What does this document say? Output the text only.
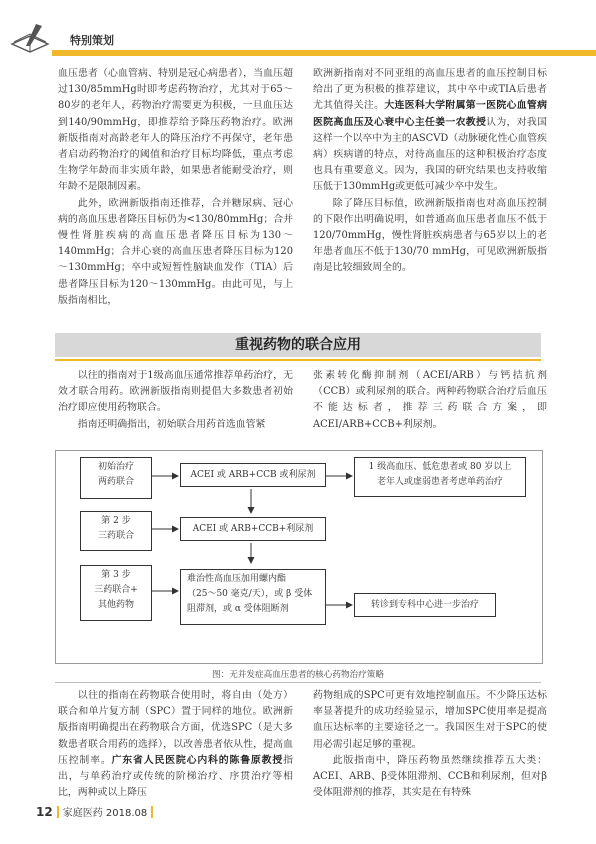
特别策划

血压患者（心血管病、特别是冠心病患者），当血压超过130/85mmHg时即考虑药物治疗，尤其对于65～80岁的老年人，药物治疗需要更为积极，一旦血压达到140/90mmHg，即推荐给予降压药物治疗。欧洲新版指南对高龄老年人的降压治疗不再保守，老年患者启动药物治疗的阈值和治疗目标均降低，重点考虑生物学年龄而非实质年龄，如果患者能耐受治疗，则年龄不是限制因素。

此外，欧洲新版指南还推荐，合并糖尿病、冠心病的高血压患者降压目标仍为<130/80mmHg；合并慢性肾脏疾病的高血压患者降压目标为130～140mmHg；合并心衰的高血压患者降压目标为120～130mmHg；卒中或短暂性脑缺血发作（TIA）后患者降压目标为120～130mmHg。由此可见，与上版指南相比，

欧洲新指南对不同亚组的高血压患者的血压控制目标给出了更为积极的推荐建议，其中卒中或TIA后患者尤其值得关注。大连医科大学附属第一医院心血管病医院高血压及心衰中心主任姜一农教授认为，对我国这样一个以卒中为主的ASCVD（动脉硬化性心血管疾病）疾病谱的特点，对待高血压的这种积极治疗态度也具有重要意义。因为，我国的研究结果也支持收缩压低于130mmHg或更低可减少卒中发生。

除了降压目标值，欧洲新版指南也对高血压控制的下限作出明确说明，如普通高血压患者血压不低于120/70mmHg，慢性肾脏疾病患者与65岁以上的老年患者血压不低于130/70 mmHg，可见欧洲新版指南是比较细致周全的。

重视药物的联合应用

以往的指南对于1级高血压通常推荐单药治疗，无效才联合用药。欧洲新版指南则提倡大多数患者初始治疗即应使用药物联合。

指南还明确指出，初始联合用药首选血管紧

张素转化酶抑制剂（ACEI/ARB）与钙拮抗剂（CCB）或利尿剂的联合。两种药物联合治疗后血压不能达标者，推荐三药联合方案，即ACEI/ARB+CCB+利尿剂。

初始治疗
两药联合
ACEI 或 ARB+CCB 或利尿剂
1 级高血压、低危患者或 80 岁以上
老年人或虚弱患者考虑单药治疗
第 2 步
三药联合
ACEI 或 ARB+CCB+利尿剂
第 3 步
三药联合+
其他药物
难治性高血压加用螺内酯
（25～50 毫克/天），或 β 受体
阻滞剂，或 α 受体阻断剂	转诊到专科中心进一步治疗
图：无并发症高血压患者的核心药物治疗策略

以往的指南在药物联合使用时，将自由（处方）联合和单片复方制（SPC）置于同样的地位。欧洲新版指南明确提出在药物联合方面，优选SPC（是大多数患者联合用药的选择），以改善患者依从性，提高血压控制率。广东省人民医院心内科的陈鲁原教授指出，与单药治疗或传统的阶梯治疗、序贯治疗等相比，两种或以上降压

药物组成的SPC可更有效地控制血压。不少降压达标率显著提升的成功经验显示，增加SPC使用率是提高血压达标率的主要途径之一。我国医生对于SPC的使用必需引起足够的重视。

此版指南中，降压药物虽然继续推荐五大类：ACEI、ARB、β受体阻滞剂、CCB和利尿剂，但对β受体阻滞剂的推荐，其实是在有特殊

12 家庭医药 2018.08
